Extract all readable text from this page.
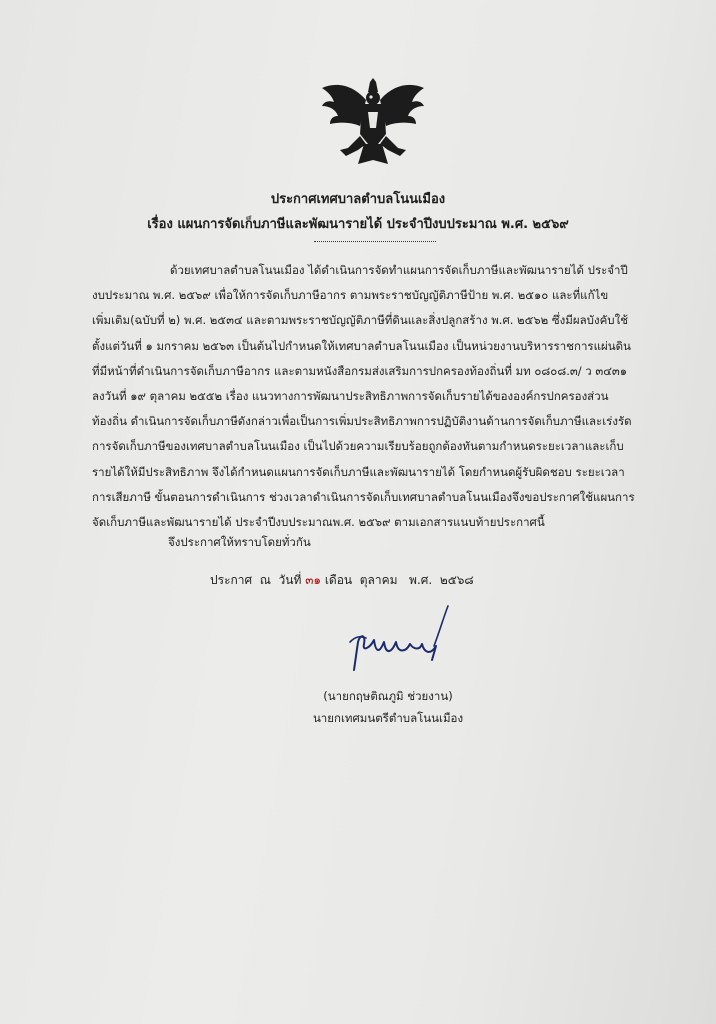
ประกาศเทศบาลตำบลโนนเมือง
เรื่อง แผนการจัดเก็บภาษีและพัฒนารายได้ ประจำปีงบประมาณ พ.ศ. ๒๕๖๙
ด้วยเทศบาลตำบลโนนเมือง ได้ดำเนินการจัดทำแผนการจัดเก็บภาษีและพัฒนารายได้ ประจำปี
งบประมาณ พ.ศ. ๒๕๖๙ เพื่อให้การจัดเก็บภาษีอากร ตามพระราชบัญญัติภาษีป้าย พ.ศ. ๒๕๑๐ และที่แก้ไข
เพิ่มเติม(ฉบับที่ ๒) พ.ศ. ๒๕๓๔ และตามพระราชบัญญัติภาษีที่ดินและสิ่งปลูกสร้าง พ.ศ. ๒๕๖๒ ซึ่งมีผลบังคับใช้
ตั้งแต่วันที่ ๑ มกราคม ๒๕๖๓ เป็นต้นไปกำหนดให้เทศบาลตำบลโนนเมือง เป็นหน่วยงานบริหารราชการแผ่นดิน
ที่มีหน้าที่ดำเนินการจัดเก็บภาษีอากร และตามหนังสือกรมส่งเสริมการปกครองท้องถิ่นที่ มท ๐๘๐๘.๓/ ว ๓๔๓๑
ลงวันที่ ๑๙ ตุลาคม ๒๕๕๒ เรื่อง แนวทางการพัฒนาประสิทธิภาพการจัดเก็บรายได้ขององค์กรปกครองส่วน
ท้องถิ่น ดำเนินการจัดเก็บภาษีดังกล่าวเพื่อเป็นการเพิ่มประสิทธิภาพการปฏิบัติงานด้านการจัดเก็บภาษีและเร่งรัด
การจัดเก็บภาษีของเทศบาลตำบลโนนเมือง เป็นไปด้วยความเรียบร้อยถูกต้องทันตามกำหนดระยะเวลาและเก็บ
รายได้ให้มีประสิทธิภาพ จึงได้กำหนดแผนการจัดเก็บภาษีและพัฒนารายได้ โดยกำหนดผู้รับผิดชอบ ระยะเวลา
การเสียภาษี ขั้นตอนการดำเนินการ ช่วงเวลาดำเนินการจัดเก็บเทศบาลตำบลโนนเมืองจึงขอประกาศใช้แผนการ
จัดเก็บภาษีและพัฒนารายได้ ประจำปีงบประมาณพ.ศ. ๒๕๖๙ ตามเอกสารแนบท้ายประกาศนี้
จึงประกาศให้ทราบโดยทั่วกัน
ประกาศ  ณ  วันที่ ๓๑ เดือน  ตุลาคม   พ.ศ.  ๒๕๖๘
(นายกฤษติณภูมิ ช่วยงาน)
นายกเทศมนตรีตำบลโนนเมือง
